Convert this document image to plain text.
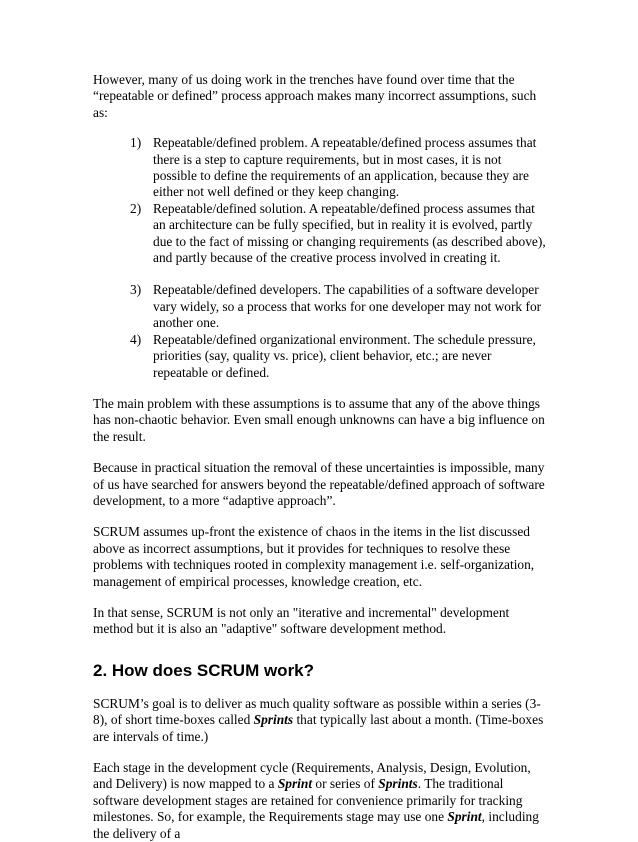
However, many of us doing work in the trenches have found over time that the “repeatable or defined” process approach makes many incorrect assumptions, such as:

1) Repeatable/defined problem. A repeatable/defined process assumes that there is a step to capture requirements, but in most cases, it is not possible to define the requirements of an application, because they are either not well defined or they keep changing.
2) Repeatable/defined solution. A repeatable/defined process assumes that an architecture can be fully specified, but in reality it is evolved, partly due to the fact of missing or changing requirements (as described above), and partly because of the creative process involved in creating it.
3) Repeatable/defined developers. The capabilities of a software developer vary widely, so a process that works for one developer may not work for another one.
4) Repeatable/defined organizational environment. The schedule pressure, priorities (say, quality vs. price), client behavior, etc.; are never repeatable or defined.

The main problem with these assumptions is to assume that any of the above things has non-chaotic behavior. Even small enough unknowns can have a big influence on the result.

Because in practical situation the removal of these uncertainties is impossible, many of us have searched for answers beyond the repeatable/defined approach of software development, to a more “adaptive approach”.

SCRUM assumes up-front the existence of chaos in the items in the list discussed above as incorrect assumptions, but it provides for techniques to resolve these problems with techniques rooted in complexity management i.e. self-organization, management of empirical processes, knowledge creation, etc.

In that sense, SCRUM is not only an "iterative and incremental" development method but it is also an "adaptive" software development method.

2. How does SCRUM work?

SCRUM’s goal is to deliver as much quality software as possible within a series (3-8), of short time-boxes called Sprints that typically last about a month. (Time-boxes are intervals of time.)

Each stage in the development cycle (Requirements, Analysis, Design, Evolution, and Delivery) is now mapped to a Sprint or series of Sprints. The traditional software development stages are retained for convenience primarily for tracking milestones. So, for example, the Requirements stage may use one Sprint, including the delivery of a
